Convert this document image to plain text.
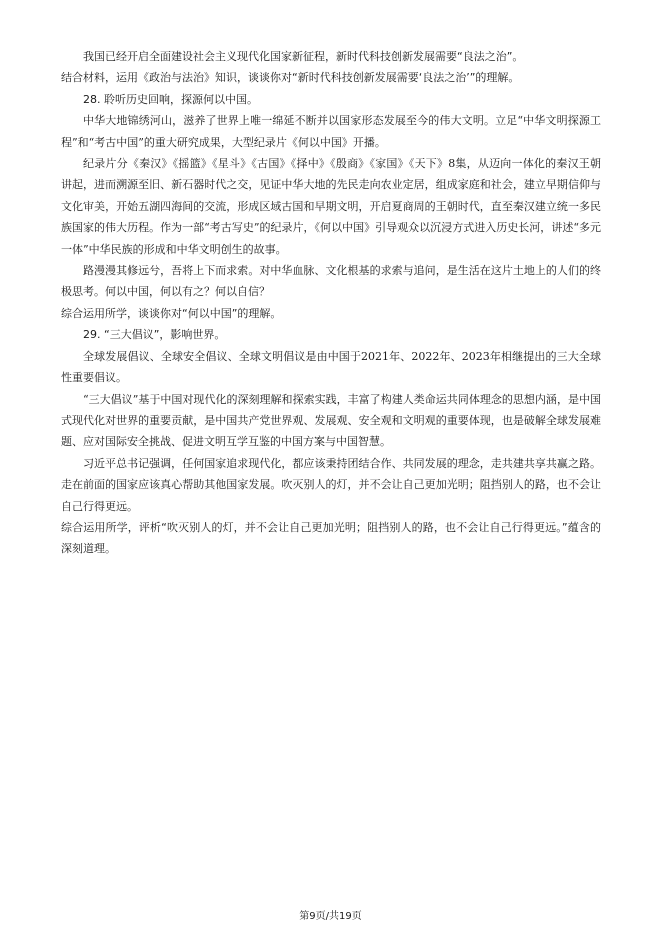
我国已经开启全面建设社会主义现代化国家新征程，新时代科技创新发展需要“良法之治”。

结合材料，运用《政治与法治》知识，谈谈你对“新时代科技创新发展需要‘良法之治’”的理解。

28. 聆听历史回响，探源何以中国。

中华大地锦绣河山，滋养了世界上唯一绵延不断并以国家形态发展至今的伟大文明。立足“中华文明探源工程”和“考古中国”的重大研究成果，大型纪录片《何以中国》开播。

纪录片分《秦汉》《摇篮》《星斗》《古国》《择中》《殷商》《家国》《天下》8集，从迈向一体化的秦汉王朝讲起，进而溯源至旧、新石器时代之交，见证中华大地的先民走向农业定居，组成家庭和社会，建立早期信仰与文化审美，开始五湖四海间的交流，形成区域古国和早期文明，开启夏商周的王朝时代，直至秦汉建立统一多民族国家的伟大历程。作为一部“考古写史”的纪录片，《何以中国》引导观众以沉浸方式进入历史长河，讲述“多元一体”中华民族的形成和中华文明创生的故事。

路漫漫其修远兮，吾将上下而求索。对中华血脉、文化根基的求索与追问，是生活在这片土地上的人们的终极思考。何以中国，何以有之？何以自信？

综合运用所学，谈谈你对“何以中国”的理解。

29. “三大倡议”，影响世界。

全球发展倡议、全球安全倡议、全球文明倡议是由中国于2021年、2022年、2023年相继提出的三大全球性重要倡议。

“三大倡议”基于中国对现代化的深刻理解和探索实践，丰富了构建人类命运共同体理念的思想内涵，是中国式现代化对世界的重要贡献，是中国共产党世界观、发展观、安全观和文明观的重要体现，也是破解全球发展难题、应对国际安全挑战、促进文明互学互鉴的中国方案与中国智慧。

习近平总书记强调，任何国家追求现代化，都应该秉持团结合作、共同发展的理念，走共建共享共赢之路。走在前面的国家应该真心帮助其他国家发展。吹灭别人的灯，并不会让自己更加光明；阻挡别人的路，也不会让自己行得更远。

综合运用所学，评析“吹灭别人的灯，并不会让自己更加光明；阻挡别人的路，也不会让自己行得更远。”蕴含的深刻道理。

第9页/共19页
